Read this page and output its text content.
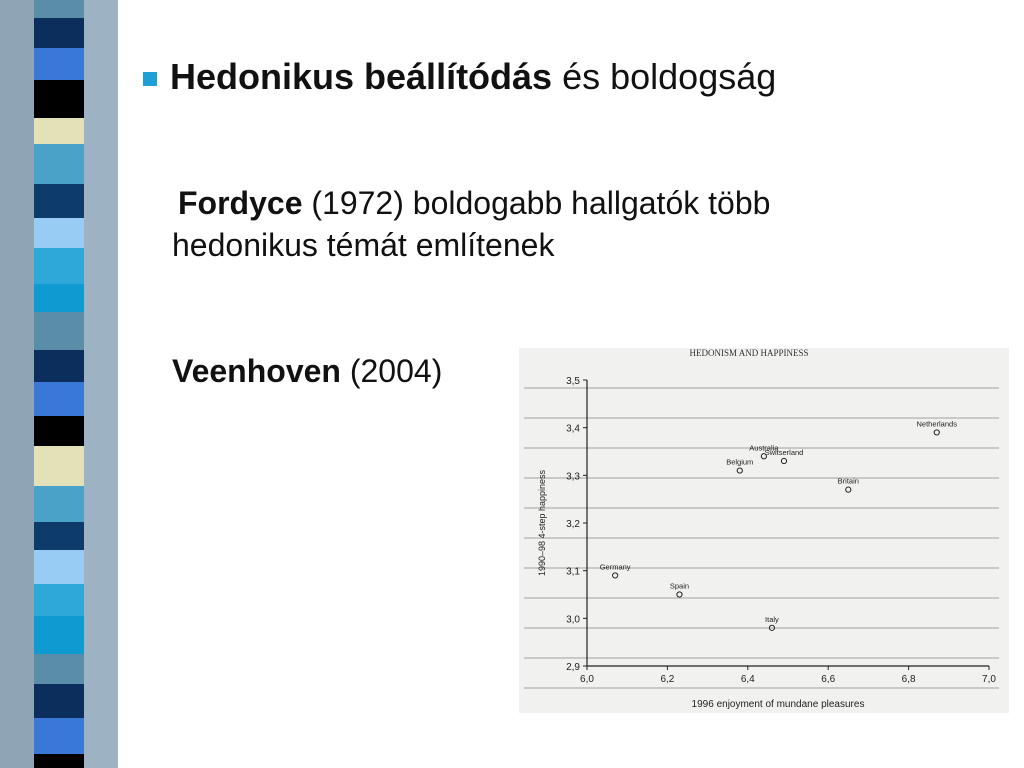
Hedonikus beállítódás és boldogság
Fordyce (1972) boldogabb hallgatók több hedonikus témát említenek
Veenhoven (2004)	HEDONISM AND HAPPINESS
2,9
3,0
3,1
3,2
3,3
3,4
3,5
6,0	6,2	6,4	6,6	6,8	7,0
1996 enjoyment of mundane pleasures
1990–98 4-step happiness
Netherlands
Australia
Switserland
Belgium
Britain
Germany
Spain
Italy
